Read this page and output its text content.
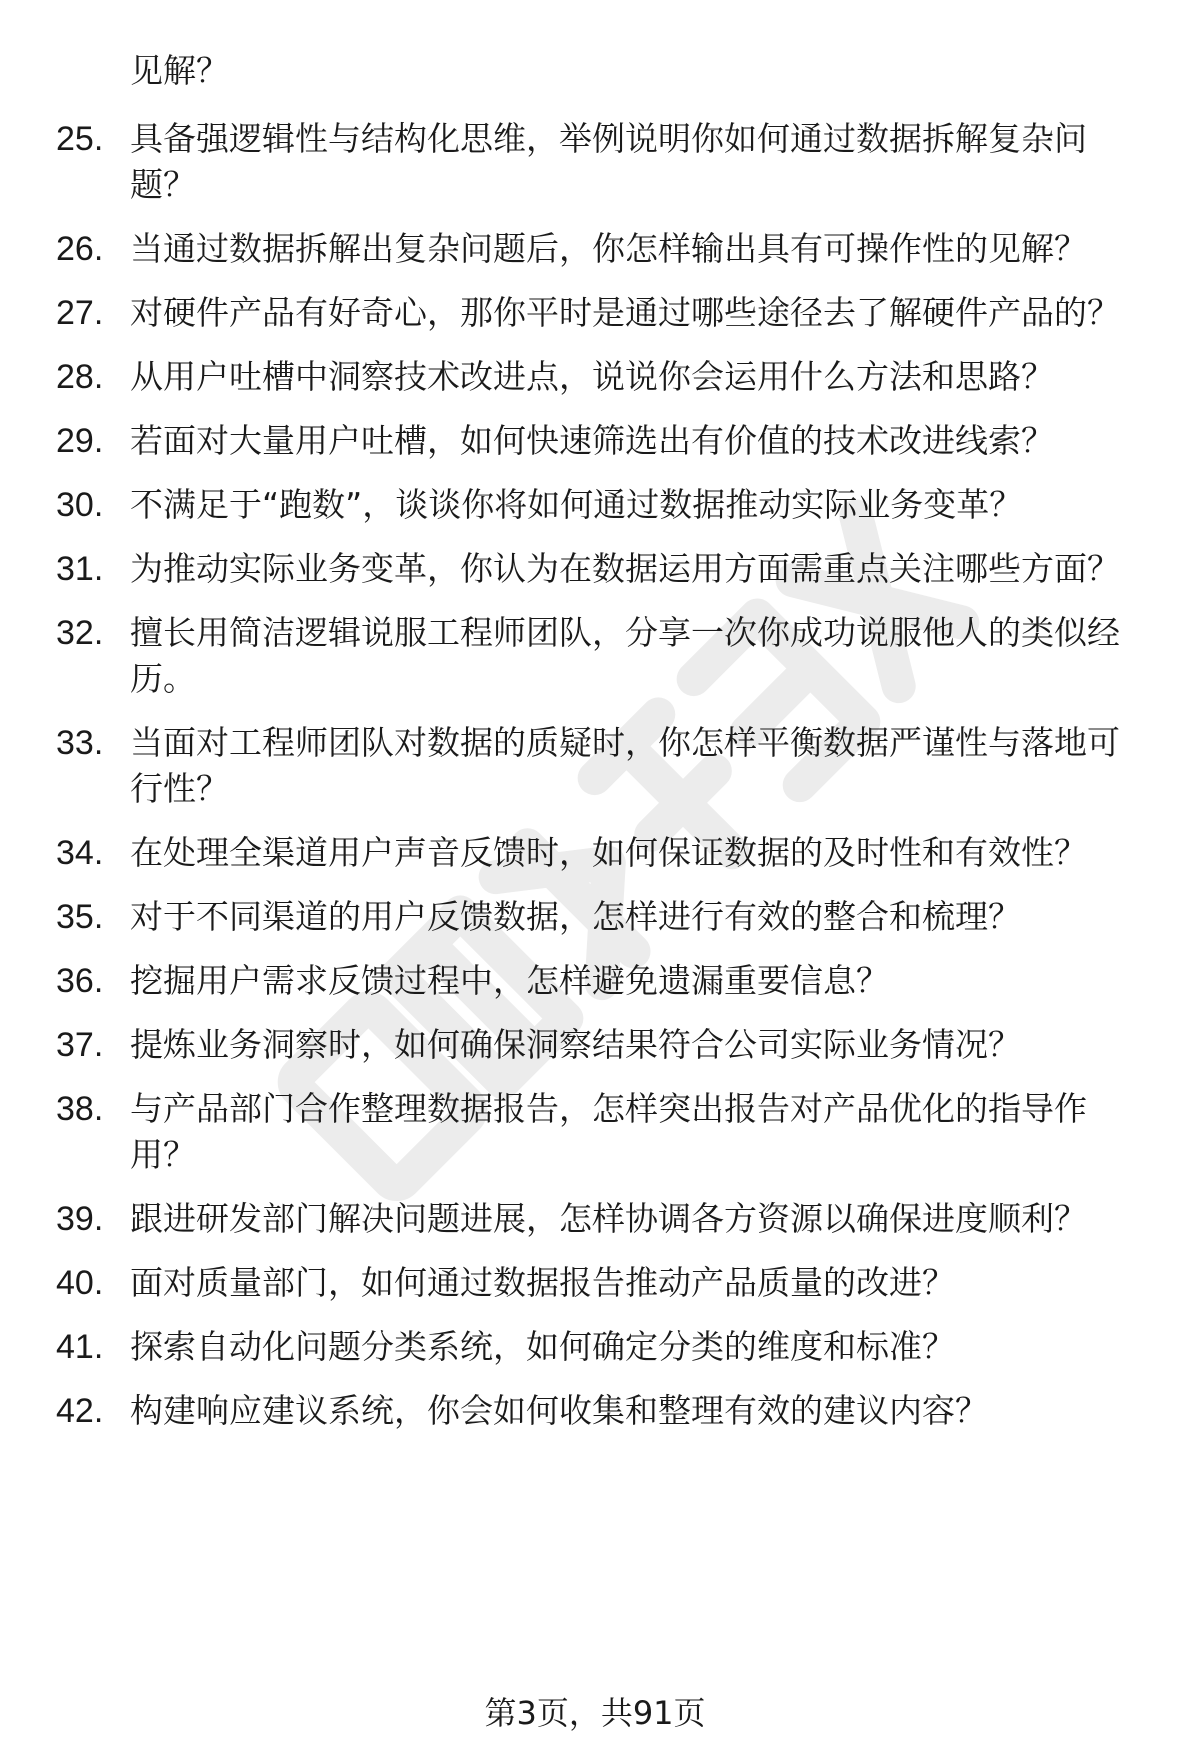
见解？
25. 具备强逻辑性与结构化思维，举例说明你如何通过数据拆解复杂问题？
26. 当通过数据拆解出复杂问题后，你怎样输出具有可操作性的见解？
27. 对硬件产品有好奇心，那你平时是通过哪些途径去了解硬件产品的？
28. 从用户吐槽中洞察技术改进点，说说你会运用什么方法和思路？
29. 若面对大量用户吐槽，如何快速筛选出有价值的技术改进线索？
30. 不满足于“跑数”，谈谈你将如何通过数据推动实际业务变革？
31. 为推动实际业务变革，你认为在数据运用方面需重点关注哪些方面？
32. 擅长用简洁逻辑说服工程师团队，分享一次你成功说服他人的类似经历。
33. 当面对工程师团队对数据的质疑时，你怎样平衡数据严谨性与落地可行性？
34. 在处理全渠道用户声音反馈时，如何保证数据的及时性和有效性？
35. 对于不同渠道的用户反馈数据，怎样进行有效的整合和梳理？
36. 挖掘用户需求反馈过程中，怎样避免遗漏重要信息？
37. 提炼业务洞察时，如何确保洞察结果符合公司实际业务情况？
38. 与产品部门合作整理数据报告，怎样突出报告对产品优化的指导作用？
39. 跟进研发部门解决问题进展，怎样协调各方资源以确保进度顺利？
40. 面对质量部门，如何通过数据报告推动产品质量的改进？
41. 探索自动化问题分类系统，如何确定分类的维度和标准？
42. 构建响应建议系统，你会如何收集和整理有效的建议内容？
第3页，共91页
